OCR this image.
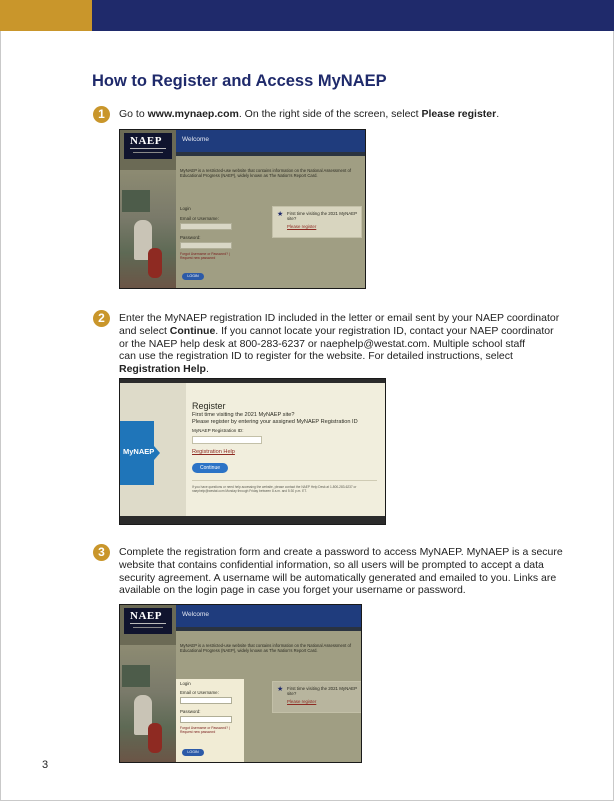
How to Register and Access MyNAEP
1	Go to www.mynaep.com. On the right side of the screen, select Please register.
NAEP	Welcome
MyNAEP is a restricted-use website that contains information on the National Assessment of Educational Progress (NAEP), widely known as The Nation's Report Card.
Login
Email or Username:
Password:
Forgot Username or Password? | Request new password
LOGIN
★ First time visiting the 2021 MyNAEP site?
Please register
2	Enter the MyNAEP registration ID included in the letter or email sent by your NAEP coordinator
and select Continue. If you cannot locate your registration ID, contact your NAEP coordinator
or the NAEP help desk at 800-283-6237 or naephelp@westat.com. Multiple school staff
can use the registration ID to register for the website. For detailed instructions, select
Registration Help.
MyNAEP
Register
First time visiting the 2021 MyNAEP site?
Please register by entering your assigned MyNAEP Registration ID
MyNAEP Registration ID:
Registration Help
Continue
If you have questions or need help accessing the website, please contact the NAEP Help Desk at 1-800-283-6237 or naephelp@westat.com Monday through Friday between 8 a.m. and 5:30 p.m. ET.
3	Complete the registration form and create a password to access MyNAEP. MyNAEP is a secure
website that contains confidential information, so all users will be prompted to accept a data
security agreement. A username will be automatically generated and emailed to you. Links are
available on the login page in case you forget your username or password.
NAEP	Welcome
MyNAEP is a restricted-use website that contains information on the National Assessment of Educational Progress (NAEP), widely known as The Nation's Report Card.
Login
Email or Username:
Password:
Forgot Username or Password? | Request new password
LOGIN
★ First time visiting the 2021 MyNAEP site?
Please register
3
